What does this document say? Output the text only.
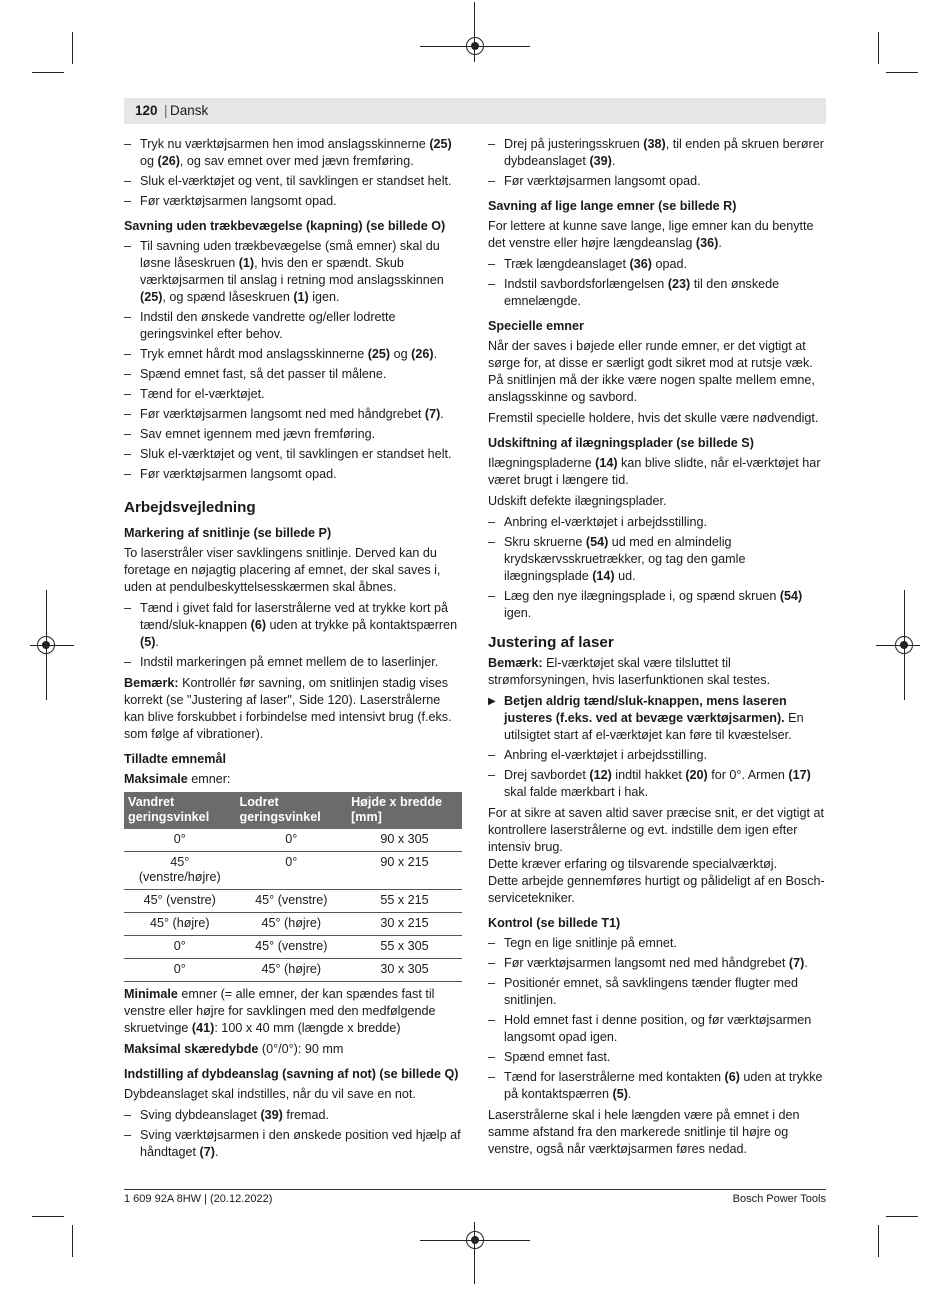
120 | Dansk
– Tryk nu værktøjsarmen hen imod anslagsskinnerne (25) og (26), og sav emnet over med jævn fremføring.
– Sluk el-værktøjet og vent, til savklingen er standset helt.
– Før værktøjsarmen langsomt opad.
Savning uden trækbevægelse (kapning) (se billede O)
– Til savning uden trækbevægelse (små emner) skal du løsne låseskruen (1), hvis den er spændt. Skub værktøjsarmen til anslag i retning mod anslagsskinnen (25), og spænd låseskruen (1) igen.
– Indstil den ønskede vandrette og/eller lodrette geringsvinkel efter behov.
– Tryk emnet hårdt mod anslagsskinnerne (25) og (26).
– Spænd emnet fast, så det passer til målene.
– Tænd for el-værktøjet.
– Før værktøjsarmen langsomt ned med håndgrebet (7).
– Sav emnet igennem med jævn fremføring.
– Sluk el-værktøjet og vent, til savklingen er standset helt.
– Før værktøjsarmen langsomt opad.
Arbejdsvejledning
Markering af snitlinje (se billede P)

To laserstråler viser savklingens snitlinje. Derved kan du foretage en nøjagtig placering af emnet, der skal saves i, uden at pendulbeskyttelsesskærmen skal åbnes.

– Tænd i givet fald for laserstrålerne ved at trykke kort på tænd/sluk-knappen (6) uden at trykke på kontaktspærren (5).
– Indstil markeringen på emnet mellem de to laserlinjer.

Bemærk: Kontrollér før savning, om snitlinjen stadig vises korrekt (se "Justering af laser", Side 120). Laserstrålerne kan blive forskubbet i forbindelse med intensivt brug (f.eks. som følge af vibrationer).

Tilladte emnemål

Maksimale emner:

Vandret geringsvinkel	Lodret geringsvinkel	Højde x bredde [mm]
0°	0°	90 x 305
45° (venstre/højre)	0°	90 x 215
45° (venstre)	45° (venstre)	55 x 215
45° (højre)	45° (højre)	30 x 215
0°	45° (venstre)	55 x 305
0°	45° (højre)	30 x 305

Minimale emner (= alle emner, der kan spændes fast til venstre eller højre for savklingen med den medfølgende skruetvinge (41): 100 x 40 mm (længde x bredde)

Maksimal skæredybde (0°/0°): 90 mm

Indstilling af dybdeanslag (savning af not) (se billede Q)

Dybdeanslaget skal indstilles, når du vil save en not.

– Sving dybdeanslaget (39) fremad.
– Sving værktøjsarmen i den ønskede position ved hjælp af håndtaget (7).
– Drej på justeringsskruen (38), til enden på skruen berører dybdeanslaget (39).
– Før værktøjsarmen langsomt opad.
Savning af lige lange emner (se billede R)

For lettere at kunne save lange, lige emner kan du benytte det venstre eller højre længdeanslag (36).

– Træk længdeanslaget (36) opad.
– Indstil savbordsforlængelsen (23) til den ønskede emnelængde.
Specielle emner

Når der saves i bøjede eller runde emner, er det vigtigt at sørge for, at disse er særligt godt sikret mod at rutsje væk. På snitlinjen må der ikke være nogen spalte mellem emne, anslagsskinne og savbord.

Fremstil specielle holdere, hvis det skulle være nødvendigt.

Udskiftning af ilægningsplader (se billede S)

Ilægningspladerne (14) kan blive slidte, når el-værktøjet har været brugt i længere tid.

Udskift defekte ilægningsplader.

– Anbring el-værktøjet i arbejdsstilling.
– Skru skruerne (54) ud med en almindelig krydskærvsskruetrækker, og tag den gamle ilægningsplade (14) ud.
– Læg den nye ilægningsplade i, og spænd skruen (54) igen.
Justering af laser

Bemærk: El-værktøjet skal være tilsluttet til strømforsyningen, hvis laserfunktionen skal testes.

▶ Betjen aldrig tænd/sluk-knappen, mens laseren justeres (f.eks. ved at bevæge værktøjsarmen). En utilsigtet start af el-værktøjet kan føre til kvæstelser.
– Anbring el-værktøjet i arbejdsstilling.
– Drej savbordet (12) indtil hakket (20) for 0°. Armen (17) skal falde mærkbart i hak.

For at sikre at saven altid saver præcise snit, er det vigtigt at kontrollere laserstrålerne og evt. indstille dem igen efter intensiv brug.

Dette kræver erfaring og tilsvarende specialværktøj.

Dette arbejde gennemføres hurtigt og pålideligt af en Bosch-servicetekniker.

Kontrol (se billede T1)
– Tegn en lige snitlinje på emnet.
– Før værktøjsarmen langsomt ned med håndgrebet (7).
– Positionér emnet, så savklingens tænder flugter med snitlinjen.
– Hold emnet fast i denne position, og før værktøjsarmen langsomt opad igen.
– Spænd emnet fast.
– Tænd for laserstrålerne med kontakten (6) uden at trykke på kontaktspærren (5).

Laserstrålerne skal i hele længden være på emnet i den samme afstand fra den markerede snitlinje til højre og venstre, også når værktøjsarmen føres nedad.

1 609 92A 8HW | (20.12.2022)	Bosch Power Tools
